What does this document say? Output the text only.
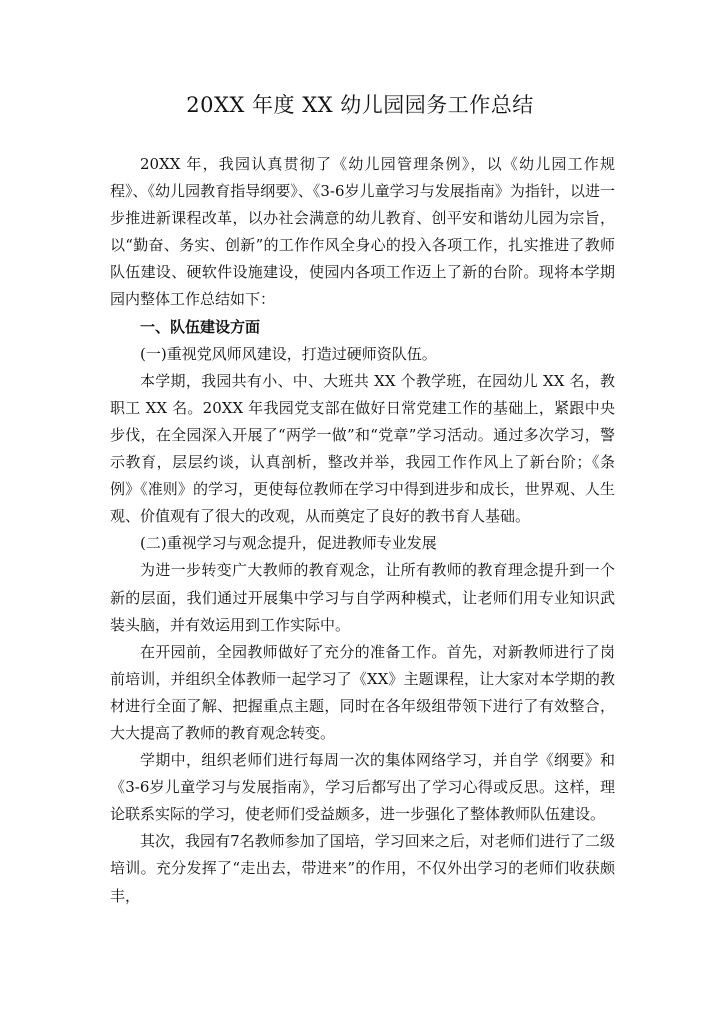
20XX 年度 XX 幼儿园园务工作总结

20XX 年，我园认真贯彻了《幼儿园管理条例》，以《幼儿园工作规程》、《幼儿园教育指导纲要》、《3-6岁儿童学习与发展指南》为指针，以进一步推进新课程改革，以办社会满意的幼儿教育、创平安和谐幼儿园为宗旨，以“勤奋、务实、创新”的工作作风全身心的投入各项工作，扎实推进了教师队伍建设、硬软件设施建设，使园内各项工作迈上了新的台阶。现将本学期园内整体工作总结如下：

一、队伍建设方面

(一)重视党风师风建设，打造过硬师资队伍。

本学期，我园共有小、中、大班共 XX 个教学班，在园幼儿 XX 名，教职工 XX 名。20XX 年我园党支部在做好日常党建工作的基础上，紧跟中央步伐，在全园深入开展了“两学一做”和“党章”学习活动。通过多次学习，警示教育，层层约谈，认真剖析，整改并举，我园工作作风上了新台阶；《条例》《准则》的学习，更使每位教师在学习中得到进步和成长，世界观、人生观、价值观有了很大的改观，从而奠定了良好的教书育人基础。

(二)重视学习与观念提升，促进教师专业发展

为进一步转变广大教师的教育观念，让所有教师的教育理念提升到一个新的层面，我们通过开展集中学习与自学两种模式，让老师们用专业知识武装头脑，并有效运用到工作实际中。

在开园前，全园教师做好了充分的准备工作。首先，对新教师进行了岗前培训，并组织全体教师一起学习了《XX》主题课程，让大家对本学期的教材进行全面了解、把握重点主题，同时在各年级组带领下进行了有效整合，大大提高了教师的教育观念转变。

学期中，组织老师们进行每周一次的集体网络学习，并自学《纲要》和《3-6岁儿童学习与发展指南》，学习后都写出了学习心得或反思。这样，理论联系实际的学习，使老师们受益颇多，进一步强化了整体教师队伍建设。

其次，我园有7名教师参加了国培，学习回来之后，对老师们进行了二级培训。充分发挥了“走出去，带进来”的作用，不仅外出学习的老师们收获颇丰，
